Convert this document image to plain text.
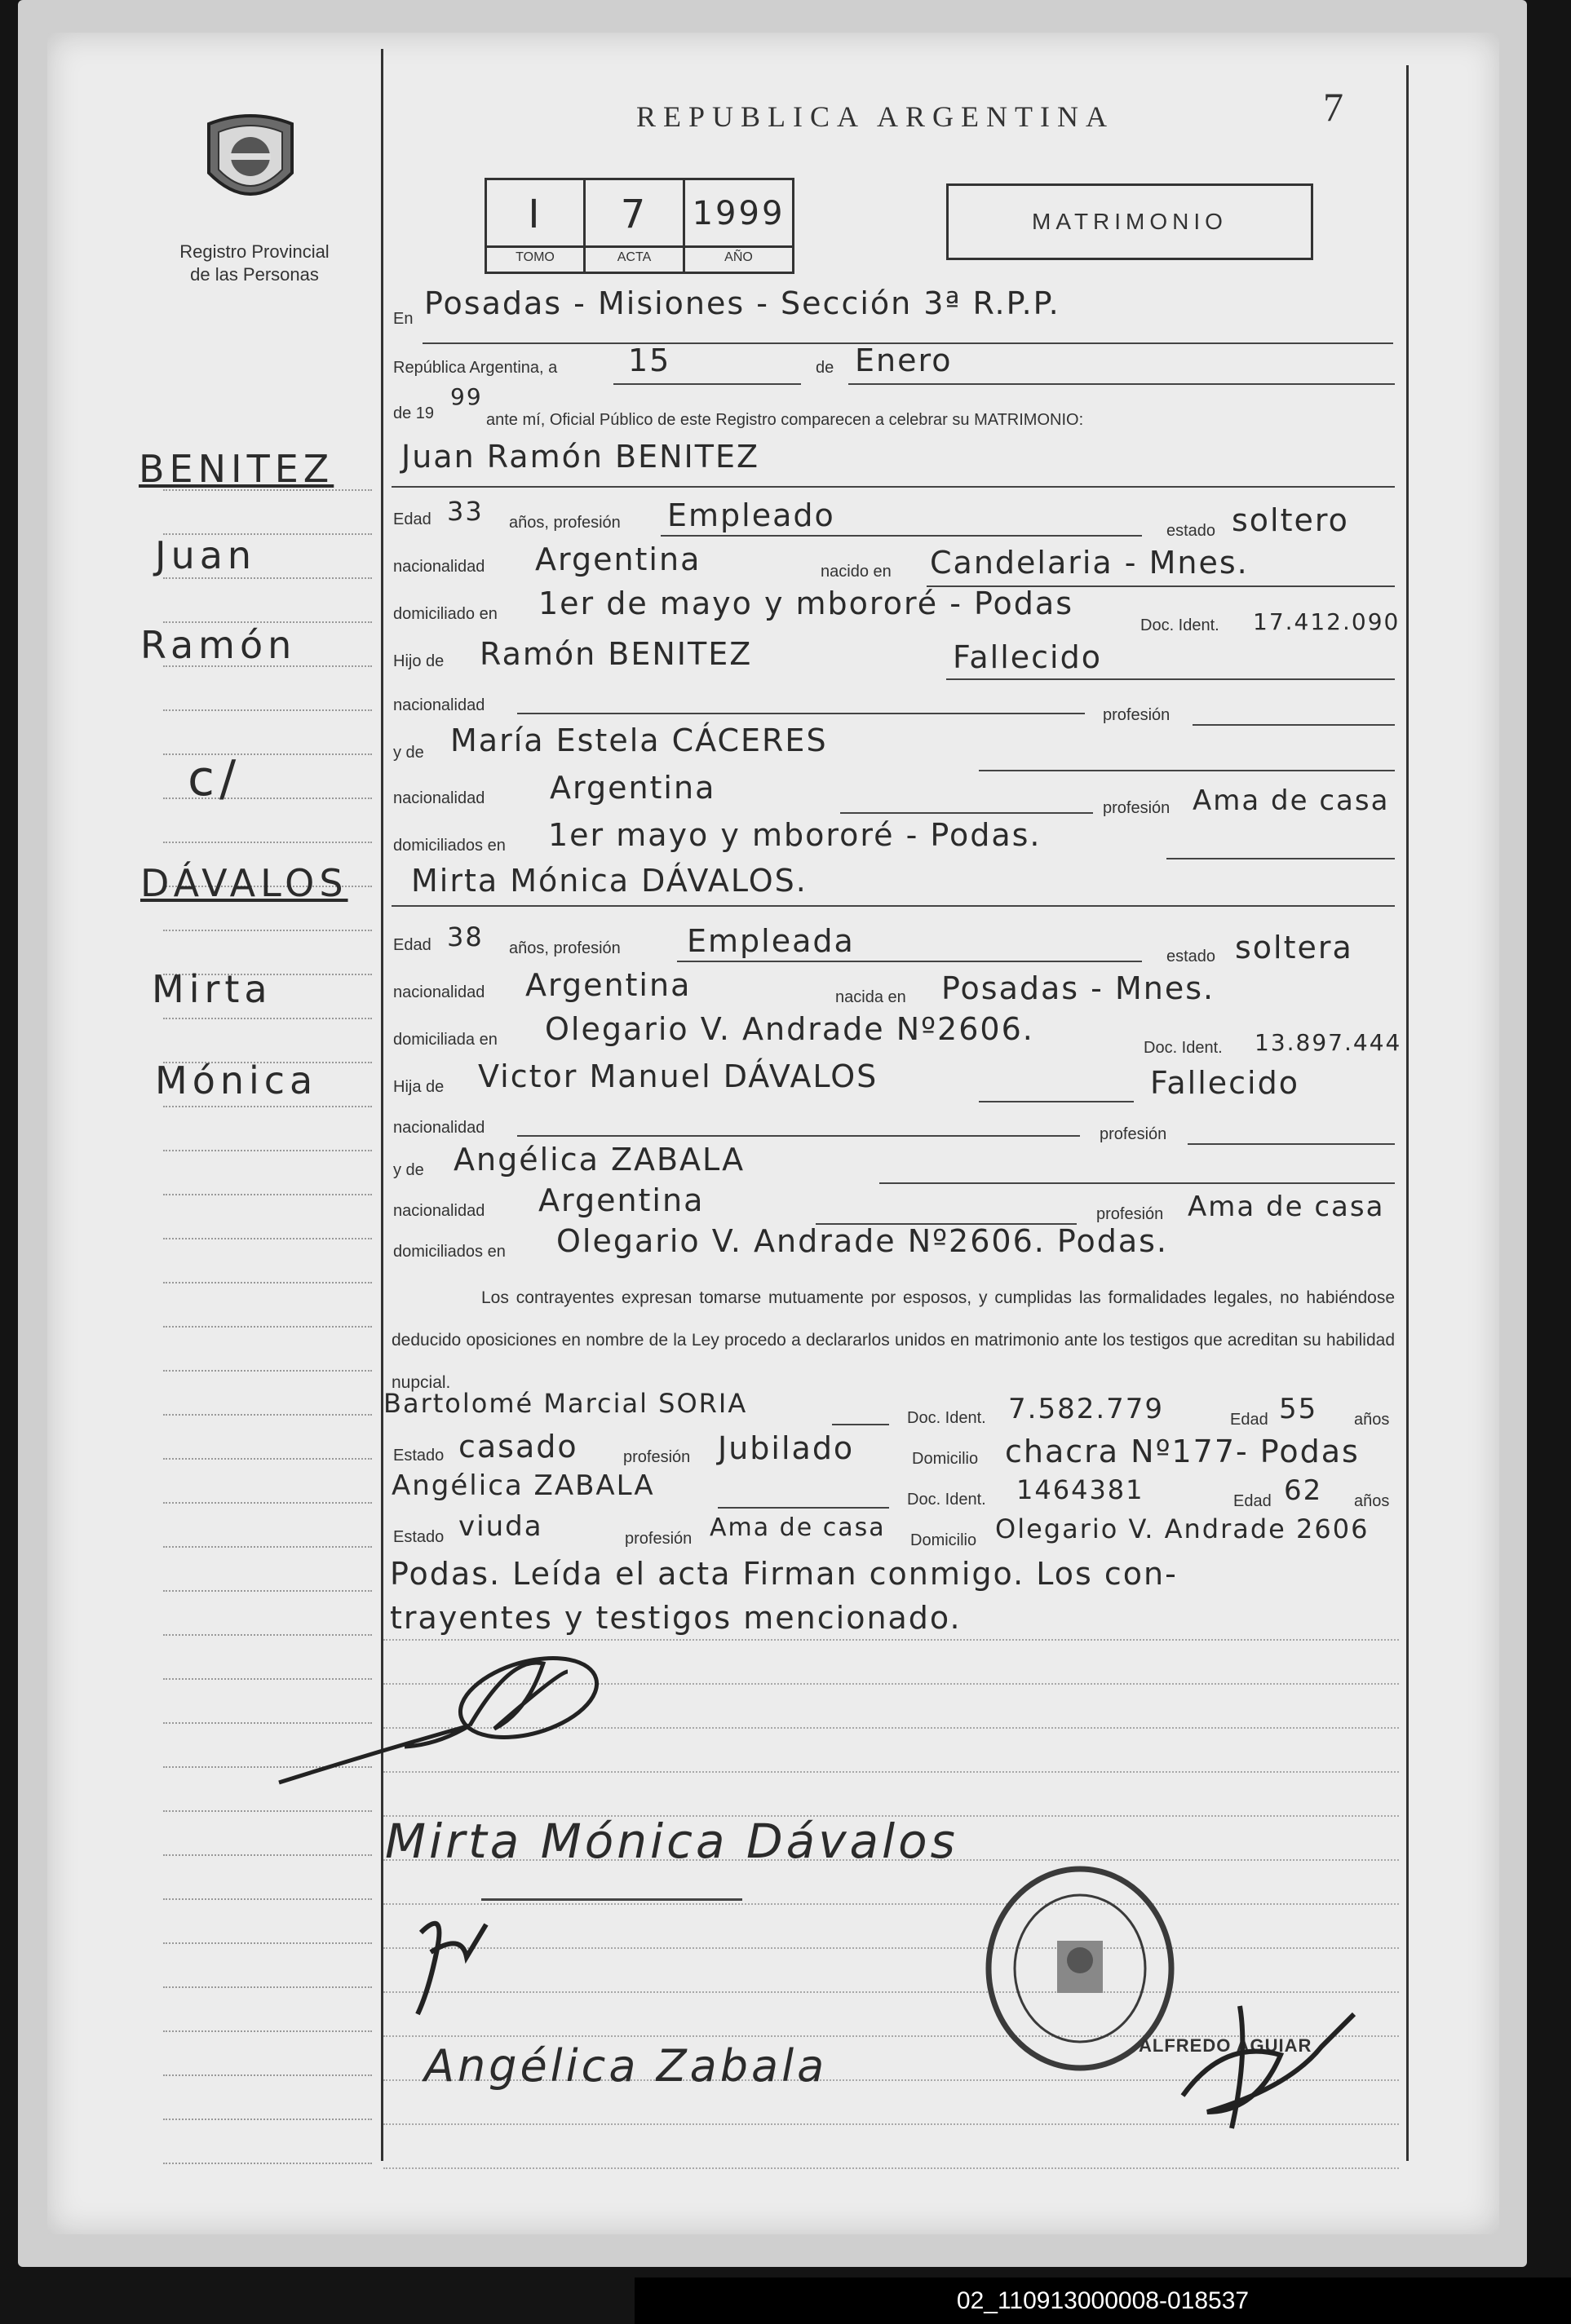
REPUBLICA ARGENTINA	7
Registro Provincial
de las Personas
I	7	1999
TOMO	ACTA	AÑO
MATRIMONIO
BENITEZ
Juan
Ramón
c/
DÁVALOS
Mirta
Mónica
En Posadas - Misiones - Sección 3ª R.P.P.
República Argentina, a 15	de Enero
de 19
99
ante mí, Oficial Público de este Registro comparecen a celebrar su MATRIMONIO:
Juan Ramón BENITEZ
Edad 33 años, profesión Empleado	estado soltero
nacionalidad Argentina	nacido en Candelaria - Mnes.
domiciliado en 1er de mayo y mbororé - Podas
Doc. Ident. 17.412.090
Hijo de Ramón BENITEZ	Fallecido
nacionalidad
profesión
y de María Estela CÁCERES
nacionalidad Argentina
profesión Ama de casa
domiciliados en 1er mayo y mbororé - Podas.
Mirta Mónica DÁVALOS.
Edad 38 años, profesión Empleada	estado soltera
nacionalidad Argentina	nacida en Posadas - Mnes.
domiciliada en Olegario V. Andrade Nº2606.
Doc. Ident. 13.897.444
Hija de Victor Manuel DÁVALOS	Fallecido
nacionalidad	profesión
y de Angélica ZABALA
nacionalidad Argentina	profesión Ama de casa
domiciliados en Olegario V. Andrade Nº2606. Podas.
Los contrayentes expresan tomarse mutuamente por esposos, y cumplidas las formalidades legales, no habiéndose deducido oposiciones en nombre de la Ley procedo a declararlos unidos en matrimonio ante los testigos que acreditan su habilidad nupcial.
Bartolomé Marcial SORIA	Doc. Ident. 7.582.779	Edad 55 años
Estado casado	profesión Jubilado	Domicilio chacra Nº177- Podas
Angélica ZABALA	Doc. Ident. 1464381	Edad 62 años
Estado viuda	profesión Ama de casa Domicilio Olegario V. Andrade 2606
Podas. Leída el acta Firman conmigo. Los con-
trayentes y testigos mencionado.
Mirta Mónica Dávalos
Angélica Zabala	ALFREDO AGUIAR
02_110913000008-018537
